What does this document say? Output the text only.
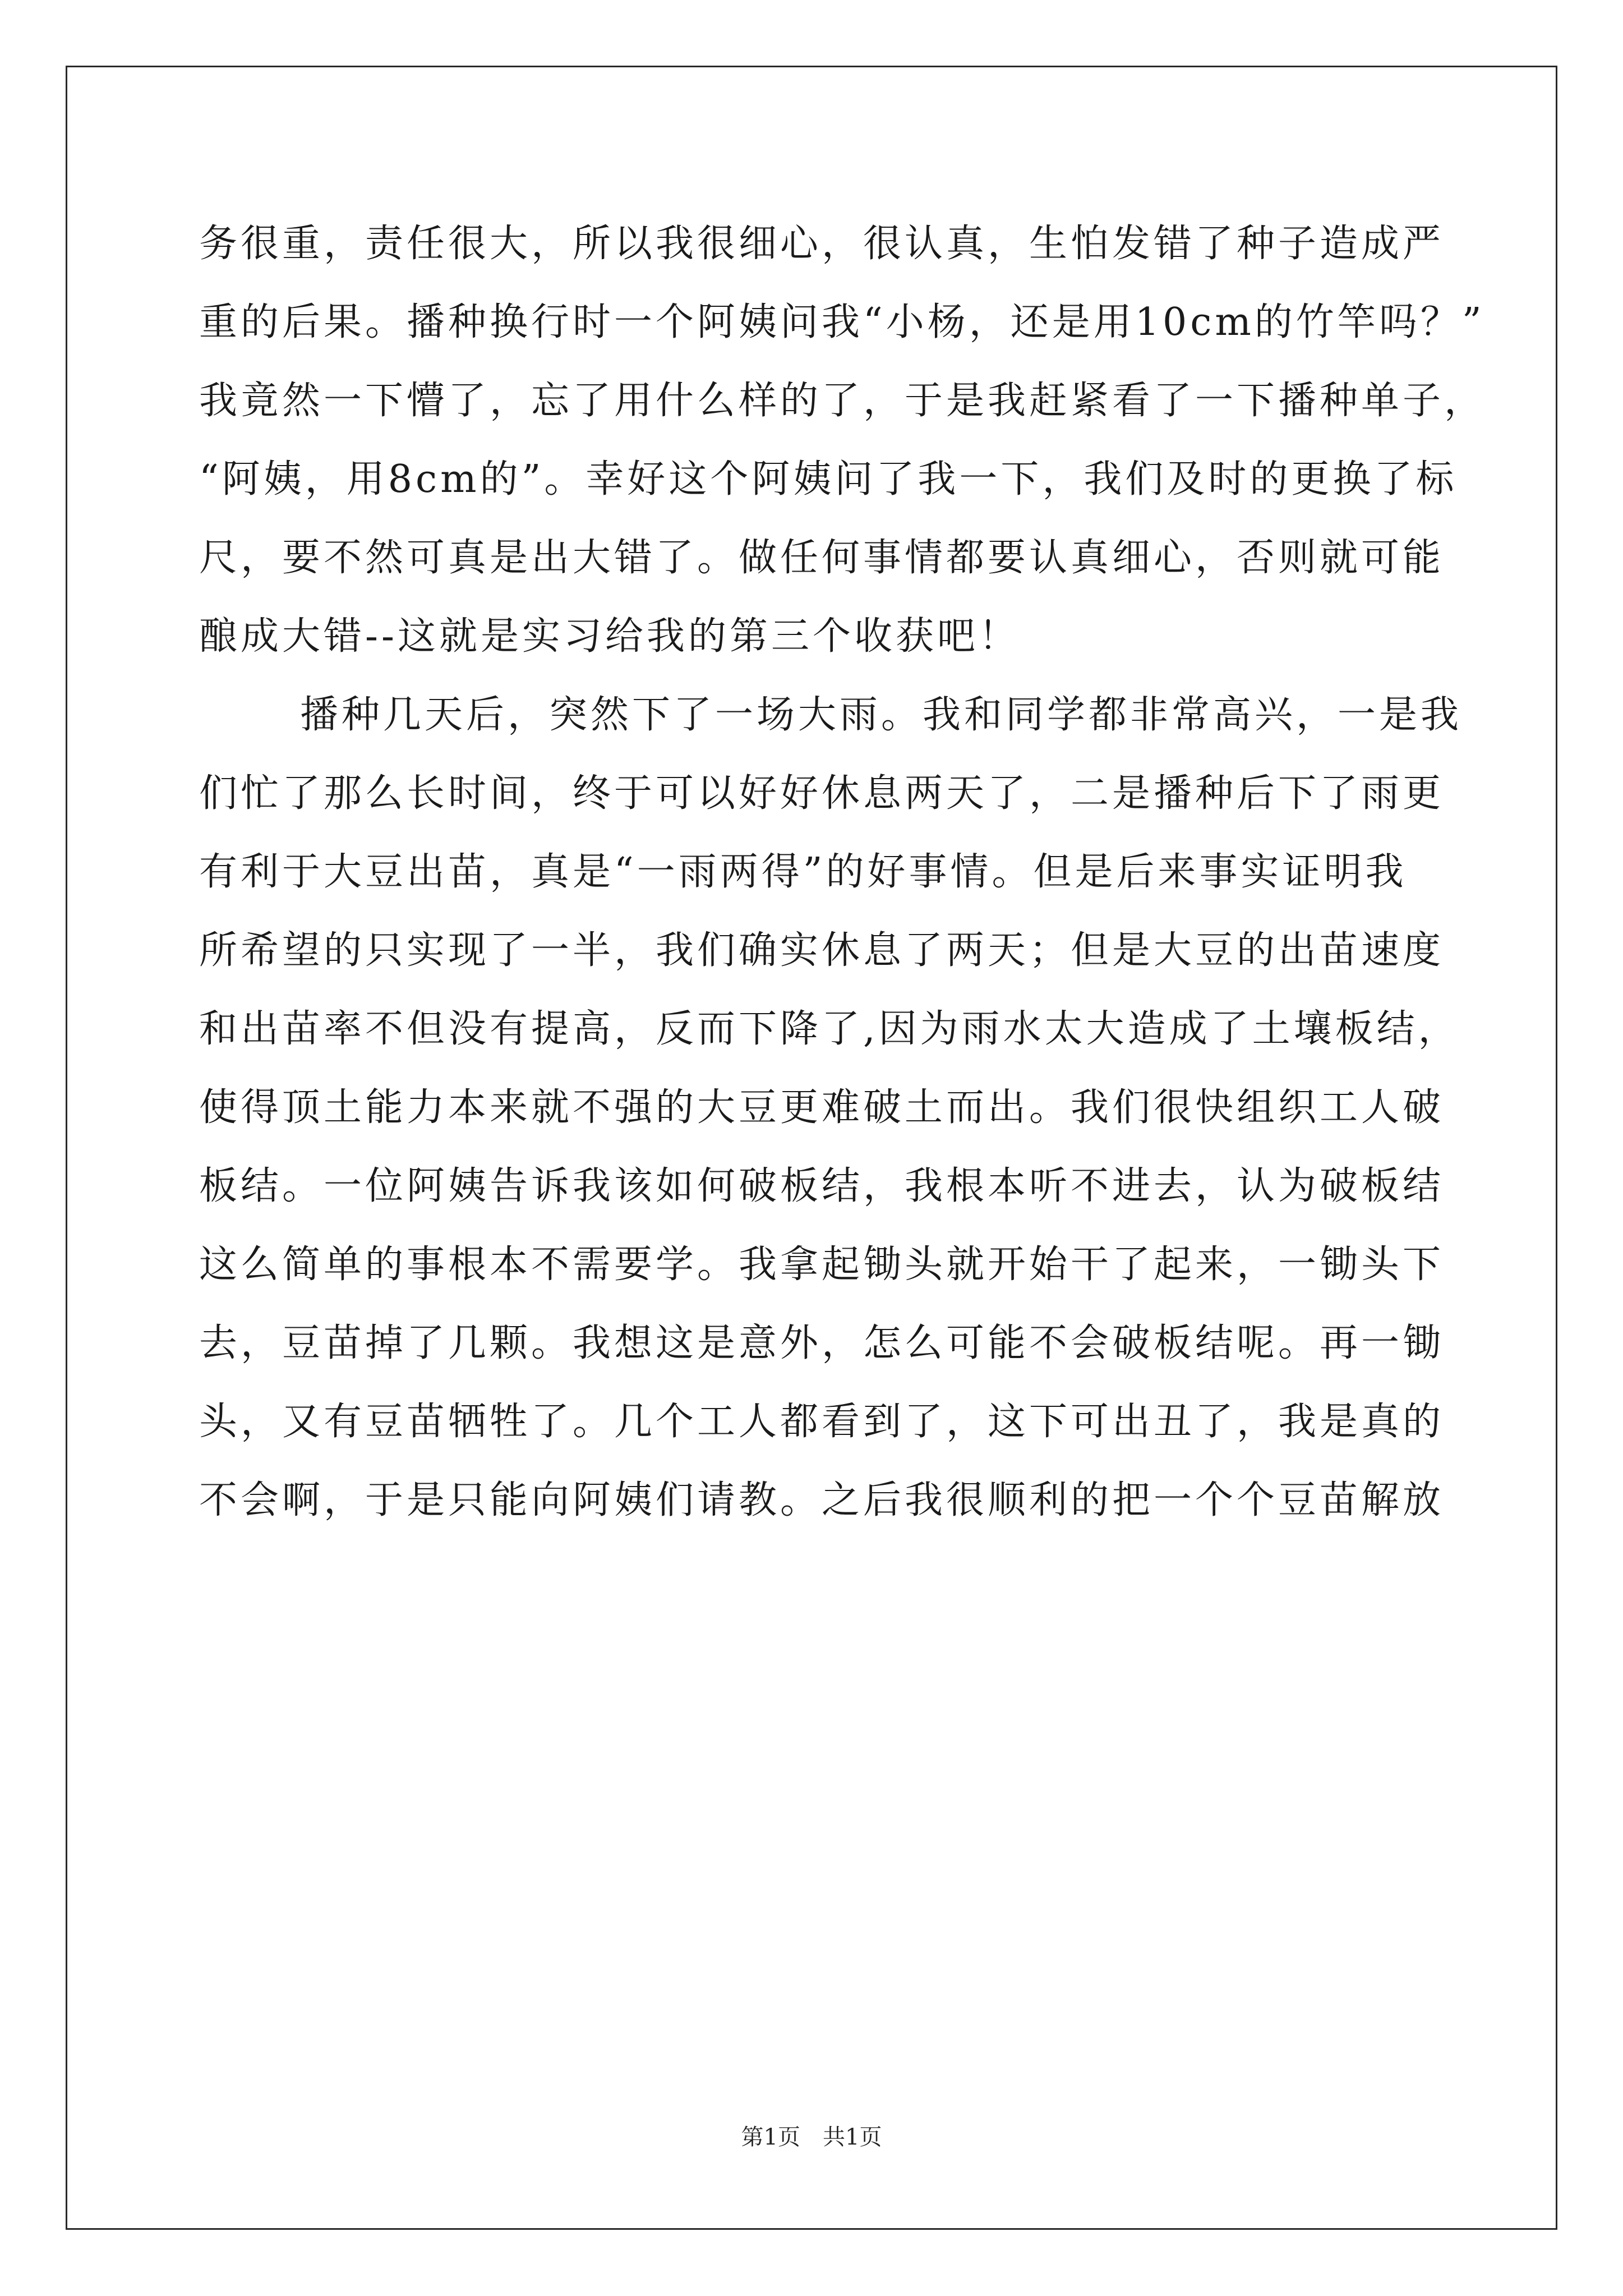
务很重，责任很大，所以我很细心，很认真，生怕发错了种子造成严
重的后果。播种换行时一个阿姨问我“小杨，还是用10cm的竹竿吗？”
我竟然一下懵了，忘了用什么样的了，于是我赶紧看了一下播种单子，
“阿姨，用8cm的”。幸好这个阿姨问了我一下，我们及时的更换了标
尺，要不然可真是出大错了。做任何事情都要认真细心，否则就可能
酿成大错--这就是实习给我的第三个收获吧！
播种几天后，突然下了一场大雨。我和同学都非常高兴，一是我
们忙了那么长时间，终于可以好好休息两天了，二是播种后下了雨更
有利于大豆出苗，真是“一雨两得”的好事情。但是后来事实证明我
所希望的只实现了一半，我们确实休息了两天；但是大豆的出苗速度
和出苗率不但没有提高，反而下降了,因为雨水太大造成了土壤板结，
使得顶土能力本来就不强的大豆更难破土而出。我们很快组织工人破
板结。一位阿姨告诉我该如何破板结，我根本听不进去，认为破板结
这么简单的事根本不需要学。我拿起锄头就开始干了起来，一锄头下
去，豆苗掉了几颗。我想这是意外，怎么可能不会破板结呢。再一锄
头，又有豆苗牺牲了。几个工人都看到了，这下可出丑了，我是真的
不会啊，于是只能向阿姨们请教。之后我很顺利的把一个个豆苗解放
第1页 共1页
